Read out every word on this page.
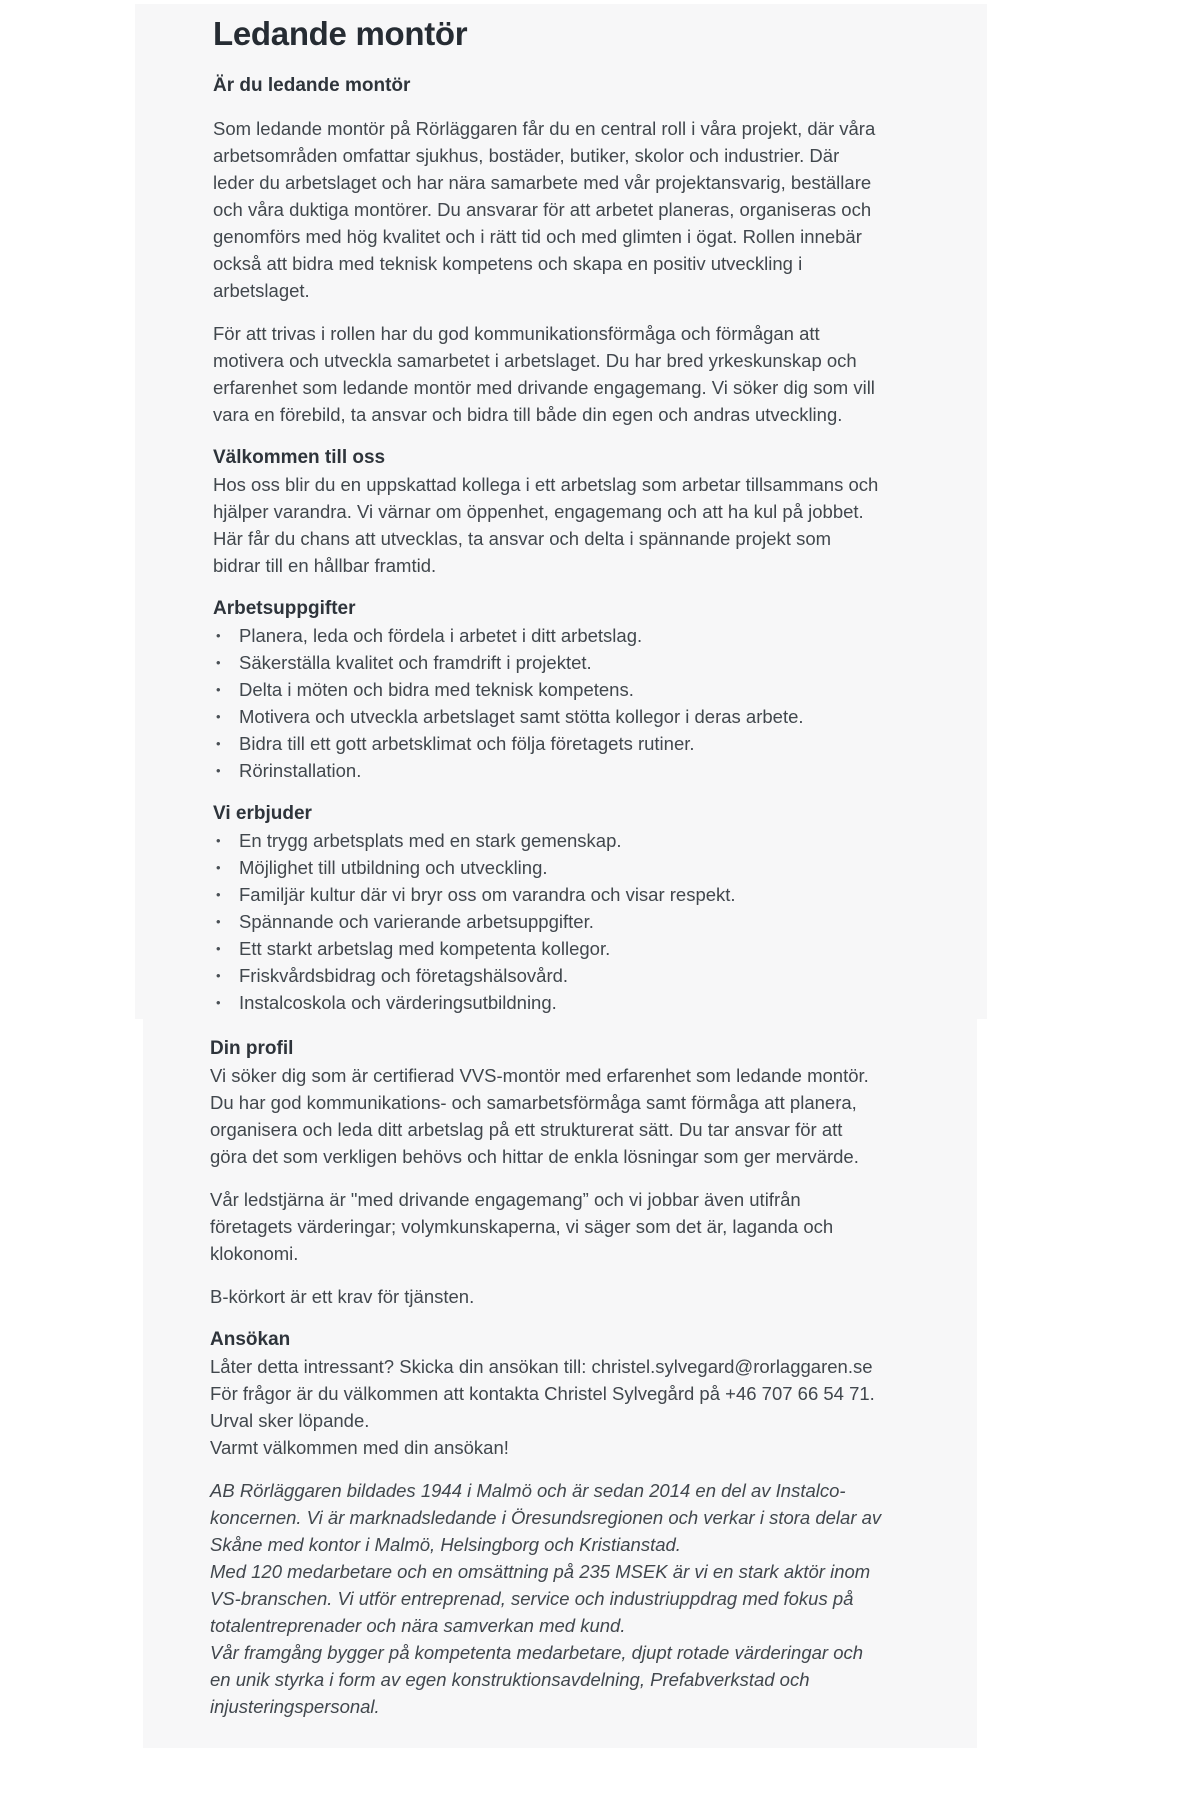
Ledande montör
Är du ledande montör
Som ledande montör på Rörläggaren får du en central roll i våra projekt, där våra
arbetsområden omfattar sjukhus, bostäder, butiker, skolor och industrier. Där
leder du arbetslaget och har nära samarbete med vår projektansvarig, beställare
och våra duktiga montörer. Du ansvarar för att arbetet planeras, organiseras och
genomförs med hög kvalitet och i rätt tid och med glimten i ögat. Rollen innebär
också att bidra med teknisk kompetens och skapa en positiv utveckling i
arbetslaget.
För att trivas i rollen har du god kommunikationsförmåga och förmågan att
motivera och utveckla samarbetet i arbetslaget. Du har bred yrkeskunskap och
erfarenhet som ledande montör med drivande engagemang. Vi söker dig som vill
vara en förebild, ta ansvar och bidra till både din egen och andras utveckling.
Välkommen till oss
Hos oss blir du en uppskattad kollega i ett arbetslag som arbetar tillsammans och
hjälper varandra. Vi värnar om öppenhet, engagemang och att ha kul på jobbet.
Här får du chans att utvecklas, ta ansvar och delta i spännande projekt som
bidrar till en hållbar framtid.
Arbetsuppgifter
• Planera, leda och fördela i arbetet i ditt arbetslag.
• Säkerställa kvalitet och framdrift i projektet.
• Delta i möten och bidra med teknisk kompetens.
• Motivera och utveckla arbetslaget samt stötta kollegor i deras arbete.
• Bidra till ett gott arbetsklimat och följa företagets rutiner.
• Rörinstallation.
Vi erbjuder
• En trygg arbetsplats med en stark gemenskap.
• Möjlighet till utbildning och utveckling.
• Familjär kultur där vi bryr oss om varandra och visar respekt.
• Spännande och varierande arbetsuppgifter.
• Ett starkt arbetslag med kompetenta kollegor.
• Friskvårdsbidrag och företagshälsovård.
• Instalcoskola och värderingsutbildning.
Din profil
Vi söker dig som är certifierad VVS-montör med erfarenhet som ledande montör.
Du har god kommunikations- och samarbetsförmåga samt förmåga att planera,
organisera och leda ditt arbetslag på ett strukturerat sätt. Du tar ansvar för att
göra det som verkligen behövs och hittar de enkla lösningar som ger mervärde.
Vår ledstjärna är "med drivande engagemang” och vi jobbar även utifrån
företagets värderingar; volymkunskaperna, vi säger som det är, laganda och
klokonomi.
B-körkort är ett krav för tjänsten.
Ansökan
Låter detta intressant? Skicka din ansökan till: christel.sylvegard@rorlaggaren.se
För frågor är du välkommen att kontakta Christel Sylvegård på +46 707 66 54 71.
Urval sker löpande.
Varmt välkommen med din ansökan!
AB Rörläggaren bildades 1944 i Malmö och är sedan 2014 en del av Instalco-
koncernen. Vi är marknadsledande i Öresundsregionen och verkar i stora delar av
Skåne med kontor i Malmö, Helsingborg och Kristianstad.
Med 120 medarbetare och en omsättning på 235 MSEK är vi en stark aktör inom
VS-branschen. Vi utför entreprenad, service och industriuppdrag med fokus på
totalentreprenader och nära samverkan med kund.
Vår framgång bygger på kompetenta medarbetare, djupt rotade värderingar och
en unik styrka i form av egen konstruktionsavdelning, Prefabverkstad och
injusteringspersonal.
